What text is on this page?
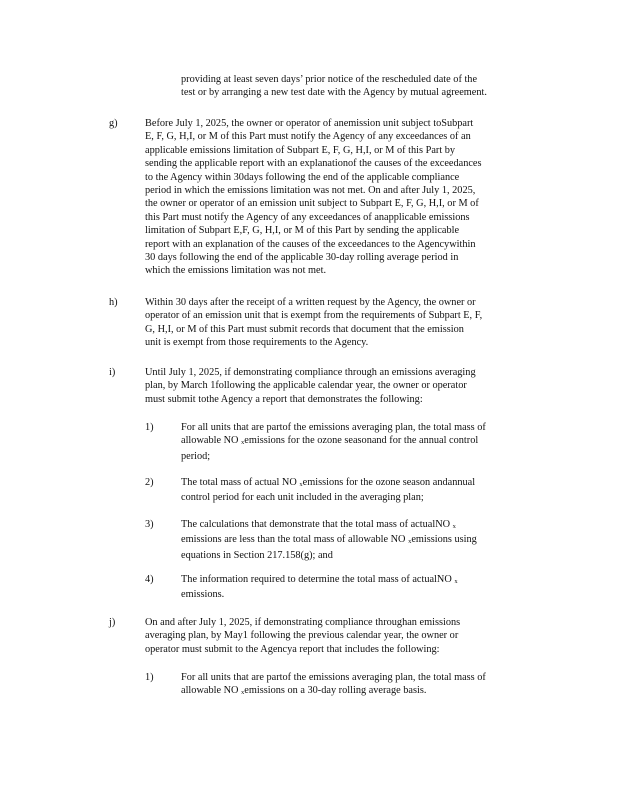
providing at least seven days’ prior notice of the rescheduled date of the
test or by arranging a new test date with the Agency by mutual agreement.
g)	Before July 1, 2025, the owner or operator of anemission unit subject toSubpart
E, F, G, H,I, or M of this Part must notify the Agency of any exceedances of an
applicable emissions limitation of Subpart E, F, G, H,I, or M of this Part by
sending the applicable report with an explanationof the causes of the exceedances
to the Agency within 30days following the end of the applicable compliance
period in which the emissions limitation was not met. On and after July 1, 2025,
the owner or operator of an emission unit subject to Subpart E, F, G, H,I, or M of
this Part must notify the Agency of any exceedances of anapplicable emissions
limitation of Subpart E,F, G, H,I, or M of this Part by sending the applicable
report with an explanation of the causes of the exceedances to the Agencywithin
30 days following the end of the applicable 30-day rolling average period in
which the emissions limitation was not met.
h)	Within 30 days after the receipt of a written request by the Agency, the owner or
operator of an emission unit that is exempt from the requirements of Subpart E, F,
G, H,I, or M of this Part must submit records that document that the emission
unit is exempt from those requirements to the Agency.
i)	Until July 1, 2025, if demonstrating compliance through an emissions averaging
plan, by March 1following the applicable calendar year, the owner or operator
must submit tothe Agency a report that demonstrates the following:
1)	For all units that are partof the emissions averaging plan, the total mass of
allowable NO xemissions for the ozone seasonand for the annual control
period;
2)	The total mass of actual NO xemissions for the ozone season andannual
control period for each unit included in the averaging plan;
3)	The calculations that demonstrate that the total mass of actualNO x
emissions are less than the total mass of allowable NO xemissions using
equations in Section 217.158(g); and
4)	The information required to determine the total mass of actualNO x
emissions.
j)	On and after July 1, 2025, if demonstrating compliance throughan emissions
averaging plan, by May1 following the previous calendar year, the owner or
operator must submit to the Agencya report that includes the following:
1)	For all units that are partof the emissions averaging plan, the total mass of
allowable NO xemissions on a 30-day rolling average basis.
